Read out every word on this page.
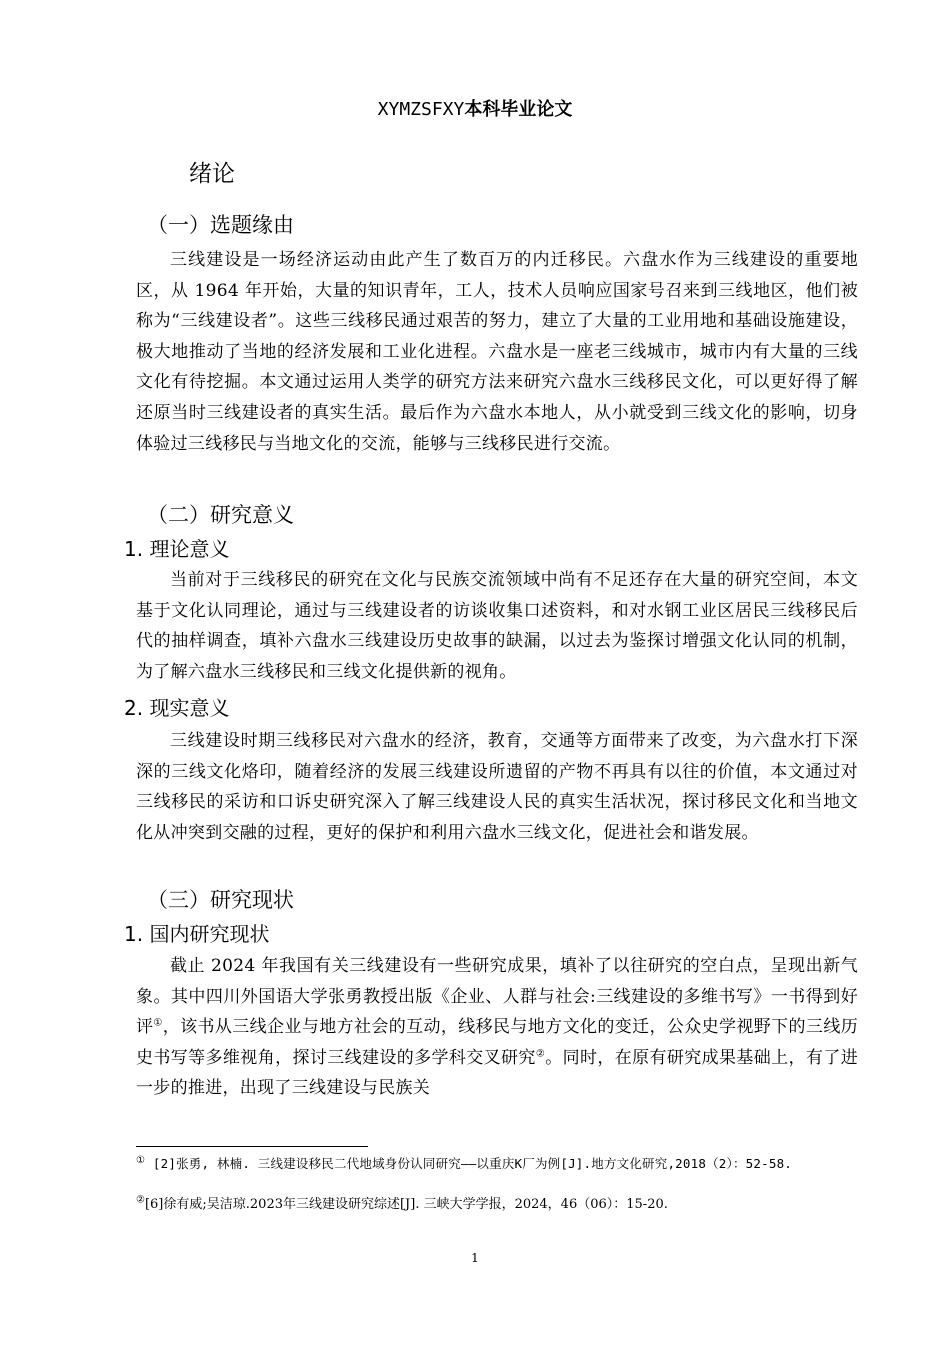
XYMZSFXY本科毕业论文
绪论
（一）选题缘由
三线建设是一场经济运动由此产生了数百万的内迁移民。六盘水作为三线建设的重要地区，从 1964 年开始，大量的知识青年，工人，技术人员响应国家号召来到三线地区，他们被称为“三线建设者”。这些三线移民通过艰苦的努力，建立了大量的工业用地和基础设施建设，极大地推动了当地的经济发展和工业化进程。六盘水是一座老三线城市，城市内有大量的三线文化有待挖掘。本文通过运用人类学的研究方法来研究六盘水三线移民文化，可以更好得了解还原当时三线建设者的真实生活。最后作为六盘水本地人，从小就受到三线文化的影响，切身体验过三线移民与当地文化的交流，能够与三线移民进行交流。
（二）研究意义
1. 理论意义
当前对于三线移民的研究在文化与民族交流领域中尚有不足还存在大量的研究空间，本文基于文化认同理论，通过与三线建设者的访谈收集口述资料，和对水钢工业区居民三线移民后代的抽样调查，填补六盘水三线建设历史故事的缺漏，以过去为鉴探讨增强文化认同的机制，为了解六盘水三线移民和三线文化提供新的视角。
2. 现实意义
三线建设时期三线移民对六盘水的经济，教育，交通等方面带来了改变，为六盘水打下深深的三线文化烙印，随着经济的发展三线建设所遗留的产物不再具有以往的价值，本文通过对三线移民的采访和口诉史研究深入了解三线建设人民的真实生活状况，探讨移民文化和当地文化从冲突到交融的过程，更好的保护和利用六盘水三线文化，促进社会和谐发展。
（三）研究现状
1. 国内研究现状
截止 2024 年我国有关三线建设有一些研究成果，填补了以往研究的空白点，呈现出新气象。其中四川外国语大学张勇教授出版《企业、人群与社会:三线建设的多维书写》一书得到好评①，该书从三线企业与地方社会的互动，线移民与地方文化的变迁，公众史学视野下的三线历史书写等多维视角，探讨三线建设的多学科交叉研究②。同时，在原有研究成果基础上，有了进一步的推进，出现了三线建设与民族关
① [2]张勇, 林楠. 三线建设移民二代地域身份认同研究——以重庆K厂为例[J].地方文化研究,2018（2）：52-58.
②[6]徐有威;吴洁琼.2023年三线建设研究综述[J]. 三峡大学学报，2024，46（06）：15-20.
1
